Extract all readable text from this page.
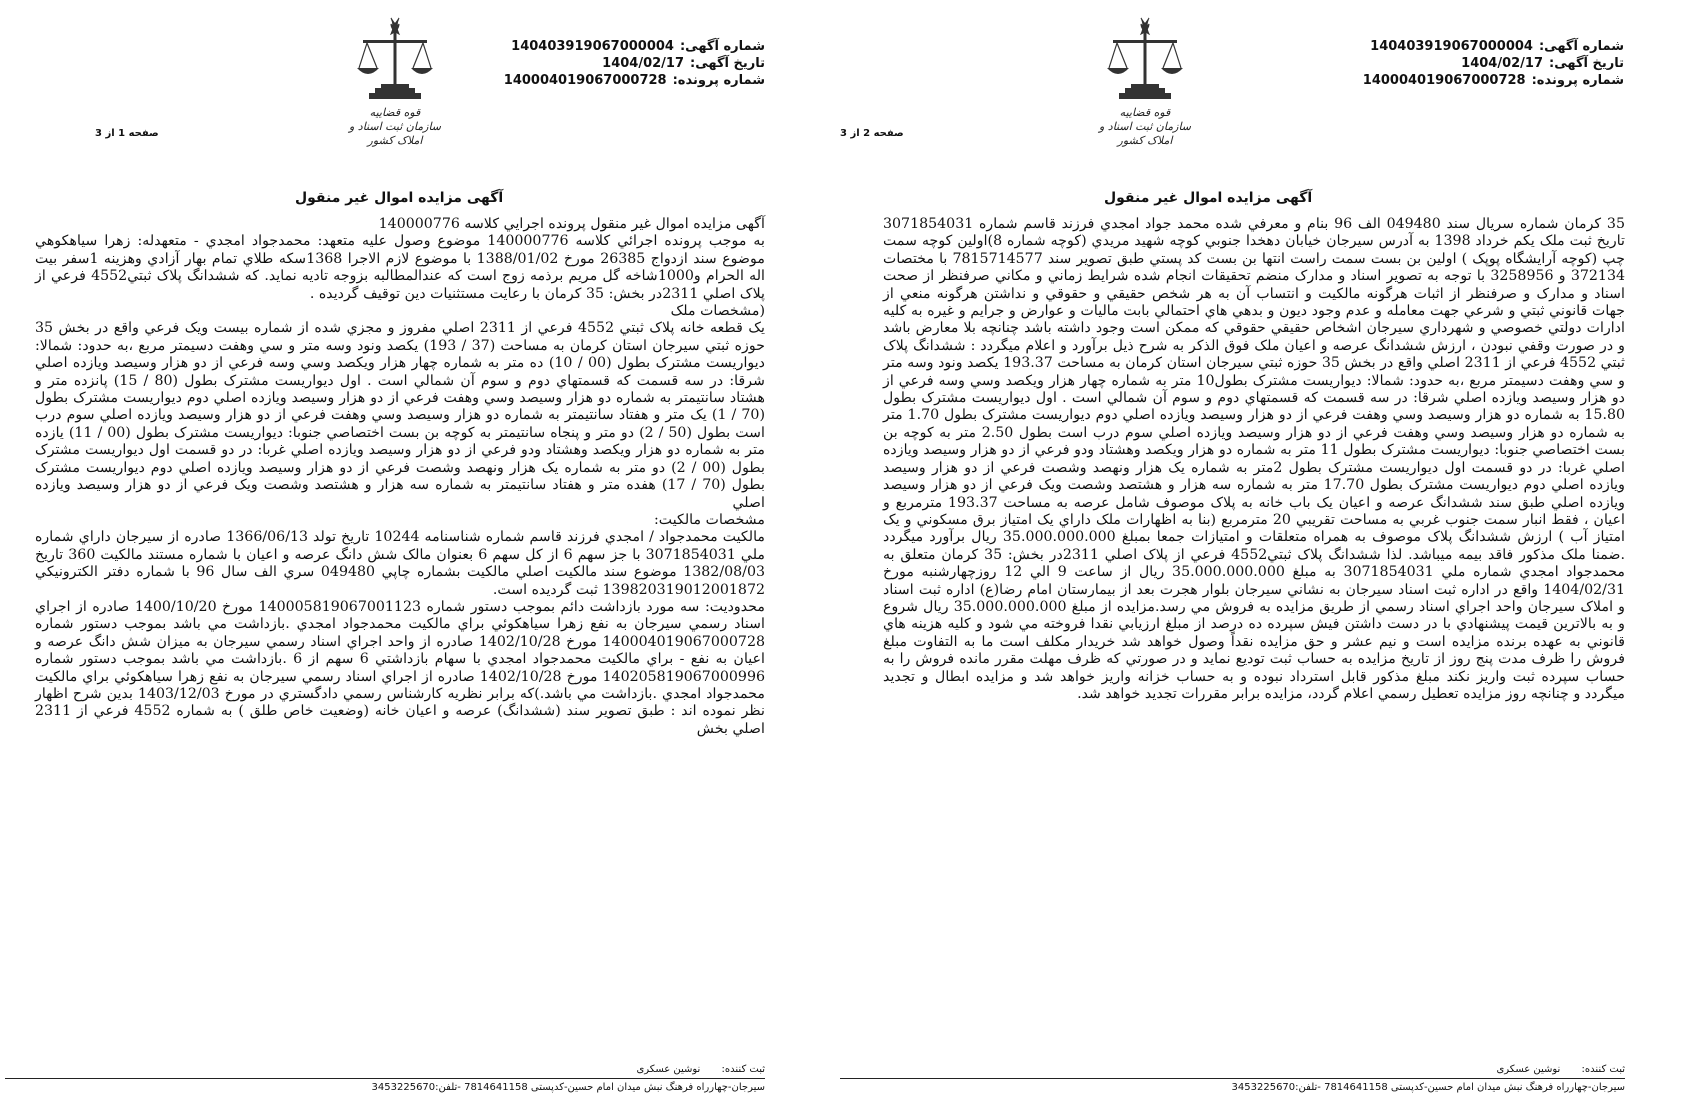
شماره آگهی:
140403919067000004
تاریخ آگهی:
1404/02/17
شماره پرونده:
140004019067000728
قوه قضاییه
سازمان ثبت اسناد و املاک کشور
صفحه 2 از 3
آگهی مزایده اموال غیر منقول

35 كرمان شماره سريال سند 049480 الف 96 بنام و معرفي شده محمد جواد امجدي فرزند قاسم شماره 3071854031 تاريخ ثبت ملک يكم خرداد 1398 به آدرس سيرجان خيابان دهخدا جنوبي كوچه شهيد مريدي (كوچه شماره 8)اولين كوچه سمت چپ (كوچه آرايشگاه پوپک ) اولين بن بست سمت راست انتها بن بست كد پستي طبق تصوير سند 7815714577 با مختصات 372134 و 3258956 با توجه به تصوير اسناد و مدارک منضم تحقيقات انجام شده شرايط زماني و مكاني صرفنظر از صحت اسناد و مدارک و صرفنظر از اثبات هرگونه مالكيت و انتساب آن به هر شخص حقيقي و حقوقي و نداشتن هرگونه منعي از جهات قانوني ثبتي و شرعي جهت معامله و عدم وجود ديون و بدهي هاي احتمالي بابت ماليات و عوارض و جرايم و غيره به كليه ادارات دولتي خصوصي و شهرداري سيرجان اشخاص حقيقي حقوقي كه ممكن است وجود داشته باشد چنانچه بلا معارض باشد و در صورت وقفي نبودن ، ارزش ششدانگ عرصه و اعيان ملک فوق الذكر به شرح ذيل برآورد و اعلام ميگردد : ششدانگ پلاک ثبتي 4552 فرعي از 2311 اصلي واقع در بخش 35 حوزه ثبتي سيرجان استان كرمان به مساحت 193.37 يكصد ونود وسه متر و سي وهفت دسيمتر مربع ،به حدود: شمالا: ديواريست مشترک بطول10 متر به شماره چهار هزار ويكصد وسي وسه فرعي از دو هزار وسيصد ويازده اصلي شرقا: در سه قسمت كه قسمتهاي دوم و سوم آن شمالي است . اول ديواريست مشترک بطول 15.80 به شماره دو هزار وسيصد وسي وهفت فرعي از دو هزار وسيصد ويازده اصلي دوم ديواريست مشترک بطول 1.70 متر به شماره دو هزار وسيصد وسي وهفت فرعي از دو هزار وسيصد ويازده اصلي سوم درب است بطول 2.50 متر به كوچه بن بست اختصاصي جنوبا: ديواريست مشترک بطول 11 متر به شماره دو هزار ويكصد وهشتاد ودو فرعي از دو هزار وسيصد ويازده اصلي غربا: در دو قسمت اول ديواريست مشترک بطول 2متر به شماره يک هزار ونهصد وشصت فرعي از دو هزار وسيصد ويازده اصلي دوم ديواريست مشترک بطول 17.70 متر به شماره سه هزار و هشتصد وشصت ويک فرعي از دو هزار وسيصد ويازده اصلي طبق سند ششدانگ عرصه و اعيان يک باب خانه به پلاک موصوف شامل عرصه به مساحت 193.37 مترمربع و اعيان ، فقط انبار سمت جنوب غربي به مساحت تقريبي 20 مترمربع (بنا به اظهارات ملک داراي يک امتياز برق مسكوني و يک امتياز آب ) ارزش ششدانگ پلاک موصوف به همراه متعلقات و امتيازات جمعا بمبلغ 35.000.000.000 ريال برآورد ميگردد .ضمنا ملک مذكور فاقد بيمه ميباشد. لذا ششدانگ پلاک ثبتي4552 فرعي از پلاک اصلي 2311در بخش: 35 كرمان متعلق به محمدجواد امجدي شماره ملي 3071854031 به مبلغ 35.000.000.000 ريال از ساعت 9 الي 12 روزچهارشنبه مورخ 1404/02/31 واقع در اداره ثبت اسناد سيرجان به نشاني سيرجان بلوار هجرت بعد از بيمارستان امام رضا(ع) اداره ثبت اسناد و املاک سيرجان واحد اجراي اسناد رسمي از طريق مزايده به فروش مي رسد.مزايده از مبلغ 35.000.000.000 ريال شروع و به بالاترين قيمت پيشنهادي با در دست داشتن فيش سپرده ده درصد از مبلغ ارزيابي نقدا فروخته مي شود و كليه هزينه هاي قانوني به عهده برنده مزايده است و نيم عشر و حق مزايده نقداً وصول خواهد شد خريدار مكلف است ما به التفاوت مبلغ فروش را ظرف مدت پنج روز از تاريخ مزايده به حساب ثبت توديع نمايد و در صورتي كه ظرف مهلت مقرر مانده فروش را به حساب سپرده ثبت واريز نكند مبلغ مذكور قابل استرداد نبوده و به حساب خزانه واريز خواهد شد و مزايده ابطال و تجديد ميگردد و چنانچه روز مزايده تعطيل رسمي اعلام گردد، مزايده برابر مقررات تجديد خواهد شد.

ثبت کننده: نوشین عسکری
سیرجان-چهارراه فرهنگ نبش میدان امام حسین-کدپستی 7814641158 -تلفن:3453225670
شماره آگهی:
140403919067000004
تاریخ آگهی:
1404/02/17
شماره پرونده:
140004019067000728
قوه قضاییه
سازمان ثبت اسناد و املاک کشور
صفحه 1 از 3
آگهی مزایده اموال غیر منقول

آگهی مزايده اموال غير منقول پرونده اجرايي كلاسه 140000776

به موجب پرونده اجرائي كلاسه 140000776 موضوع وصول عليه متعهد: محمدجواد امجدي - متعهدله: زهرا سياهكوهي موضوع سند ازدواج 26385 مورخ 1388/01/02 با موضوع لازم الاجرا 1368سكه طلاي تمام بهار آزادي وهزينه 1سفر بيت اله الحرام و1000شاخه گل مريم برذمه زوج است كه عندالمطالبه بزوجه تاديه نمايد. كه ششدانگ پلاک ثبتي4552 فرعي از پلاک اصلي 2311در بخش: 35 كرمان با رعايت مستثنيات دين توقيف گرديده .

(مشخصات ملک

يک قطعه خانه پلاک ثبتي 4552 فرعي از 2311 اصلي مفروز و مجزي شده از شماره بيست ويک فرعي واقع در بخش 35 حوزه ثبتي سيرجان استان كرمان به مساحت (37 / 193) يكصد ونود وسه متر و سي وهفت دسيمتر مربع ،به حدود: شمالا: ديواريست مشترک بطول (00 / 10) ده متر به شماره چهار هزار ويكصد وسي وسه فرعي از دو هزار وسيصد ويازده اصلي شرقا: در سه قسمت كه قسمتهاي دوم و سوم آن شمالي است . اول ديواريست مشترک بطول (80 / 15) پانزده متر و هشتاد سانتيمتر به شماره دو هزار وسيصد وسي وهفت فرعي از دو هزار وسيصد ويازده اصلي دوم ديواريست مشترک بطول (70 / 1) يک متر و هفتاد سانتيمتر به شماره دو هزار وسيصد وسي وهفت فرعي از دو هزار وسيصد ويازده اصلي سوم درب است بطول (50 / 2) دو متر و پنجاه سانتيمتر به كوچه بن بست اختصاصي جنوبا: ديواريست مشترک بطول (00 / 11) يازده متر به شماره دو هزار ويكصد وهشتاد ودو فرعي از دو هزار وسيصد ويازده اصلي غربا: در دو قسمت اول ديواريست مشترک بطول (00 / 2) دو متر به شماره يک هزار ونهصد وشصت فرعي از دو هزار وسيصد ويازده اصلي دوم ديواريست مشترک بطول (70 / 17) هفده متر و هفتاد سانتيمتر به شماره سه هزار و هشتصد وشصت ويک فرعي از دو هزار وسيصد ويازده اصلي

مشخصات مالكيت:

مالكيت محمدجواد / امجدي فرزند قاسم شماره شناسنامه 10244 تاريخ تولد 1366/06/13 صادره از سيرجان داراي شماره ملي 3071854031 با جز سهم 6 از كل سهم 6 بعنوان مالک شش دانگ عرصه و اعيان با شماره مستند مالكيت 360 تاريخ 1382/08/03 موضوع سند مالكيت اصلي مالكيت بشماره چاپي 049480 سري الف سال 96 با شماره دفتر الكترونيكي 139820319012001872 ثبت گرديده است.

محدوديت: سه مورد بازداشت دائم بموجب دستور شماره 140005819067001123 مورخ 1400/10/20 صادره از اجراي اسناد رسمي سيرجان به نفع زهرا سياهكوئي براي مالكيت محمدجواد امجدي .بازداشت مي باشد بموجب دستور شماره 140004019067000728 مورخ 1402/10/28 صادره از واحد اجراي اسناد رسمي سيرجان به ميزان شش دانگ عرصه و اعيان به نفع - براي مالكيت محمدجواد امجدي با سهام بازداشتي 6 سهم از 6 .بازداشت مي باشد بموجب دستور شماره 140205819067000996 مورخ 1402/10/28 صادره از اجراي اسناد رسمي سيرجان به نفع زهرا سياهكوئي براي مالكيت محمدجواد امجدي .بازداشت مي باشد.)كه برابر نظريه كارشناس رسمي دادگستري در مورخ 1403/12/03 بدين شرح اظهار نظر نموده اند : طبق تصوير سند (ششدانگ) عرصه و اعيان خانه (وضعيت خاص طلق ) به شماره 4552 فرعي از 2311 اصلي بخش

ثبت کننده: نوشین عسکری
سیرجان-چهارراه فرهنگ نبش میدان امام حسین-کدپستی 7814641158 -تلفن:3453225670
